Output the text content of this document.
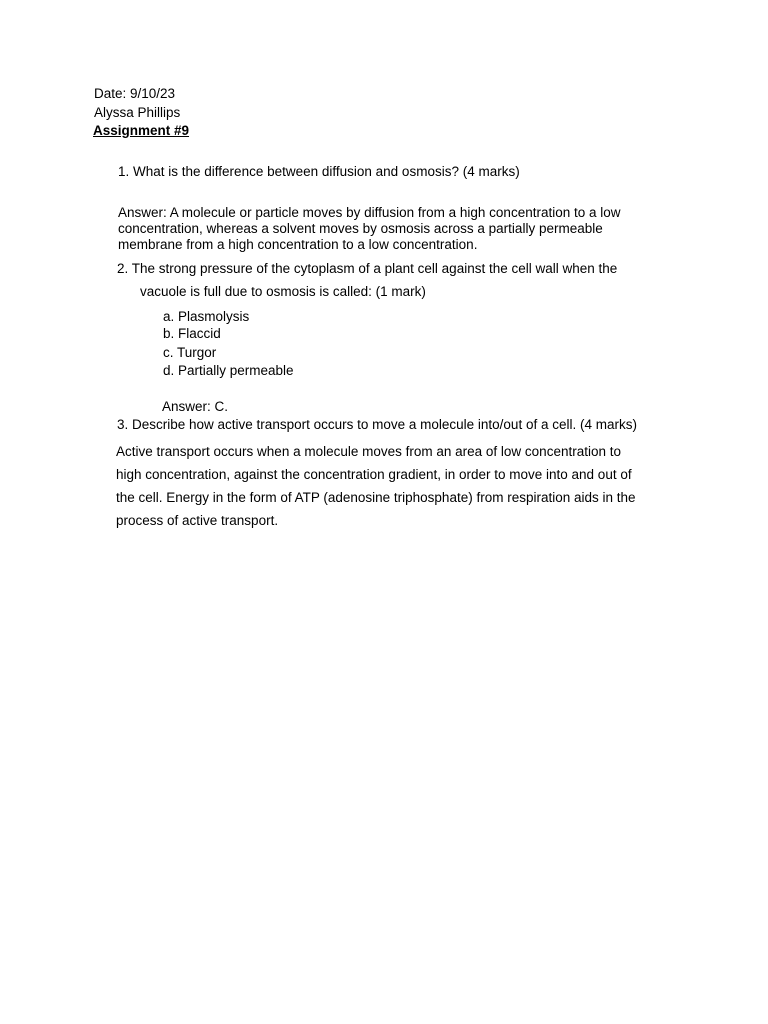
Date: 9/10/23
Alyssa Phillips
Assignment #9
1. What is the difference between diffusion and osmosis? (4 marks)
Answer: A molecule or particle moves by diffusion from a high concentration to a low concentration, whereas a solvent moves by osmosis across a partially permeable membrane from a high concentration to a low concentration.
2. The strong pressure of the cytoplasm of a plant cell against the cell wall when the
vacuole is full due to osmosis is called: (1 mark)
a. Plasmolysis
b. Flaccid
c. Turgor
d. Partially permeable
Answer: C.
3. Describe how active transport occurs to move a molecule into/out of a cell. (4 marks)
Active transport occurs when a molecule moves from an area of low concentration to
high concentration, against the concentration gradient, in order to move into and out of
the cell. Energy in the form of ATP (adenosine triphosphate) from respiration aids in the
process of active transport.
